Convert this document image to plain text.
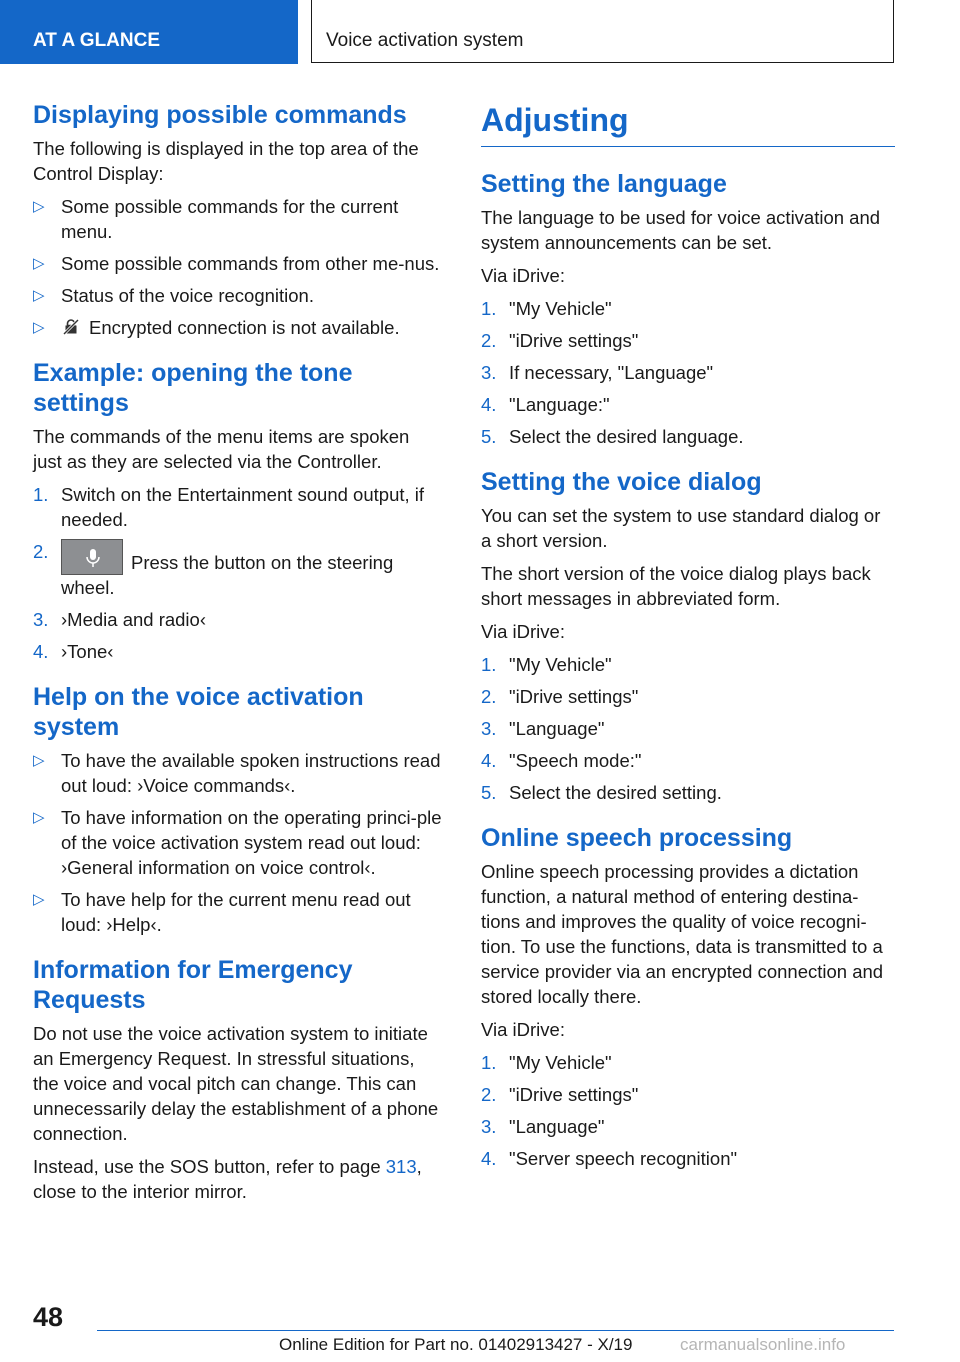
AT A GLANCE	Voice activation system
Displaying possible commands

The following is displayed in the top area of the Control Display:

▷ Some possible commands for the current menu.
▷ Some possible commands from other me‐nus.
▷ Status of the voice recognition.
▷ Encrypted connection is not available.
Example: opening the tone settings

The commands of the menu items are spoken just as they are selected via the Controller.

1. Switch on the Entertainment sound output, if needed.
2.
Press the button on the steering wheel.
3. ›Media and radio‹
4. ›Tone‹
Help on the voice activation system
▷ To have the available spoken instructions read out loud: ›Voice commands‹.
▷ To have information on the operating princi‐ple of the voice activation system read out loud: ›General information on voice control‹.
▷ To have help for the current menu read out loud: ›Help‹.
Information for Emergency Requests

Do not use the voice activation system to initiate an Emergency Request. In stressful situations, the voice and vocal pitch can change. This can unnecessarily delay the establishment of a phone connection.

Instead, use the SOS button, refer to page 313, close to the interior mirror.

Adjusting
Setting the language

The language to be used for voice activation and system announcements can be set.

Via iDrive:

1. "My Vehicle"
2. "iDrive settings"
3. If necessary, "Language"
4. "Language:"
5. Select the desired language.
Setting the voice dialog

You can set the system to use standard dialog or a short version.

The short version of the voice dialog plays back short messages in abbreviated form.

Via iDrive:

1. "My Vehicle"
2. "iDrive settings"
3. "Language"
4. "Speech mode:"
5. Select the desired setting.
Online speech processing

Online speech processing provides a dictation function, a natural method of entering destina‐tions and improves the quality of voice recogni‐tion. To use the functions, data is transmitted to a service provider via an encrypted connection and stored locally there.

Via iDrive:

1. "My Vehicle"
2. "iDrive settings"
3. "Language"
4. "Server speech recognition"
48
Online Edition for Part no. 01402913427 - X/19	carmanualsonline.info
